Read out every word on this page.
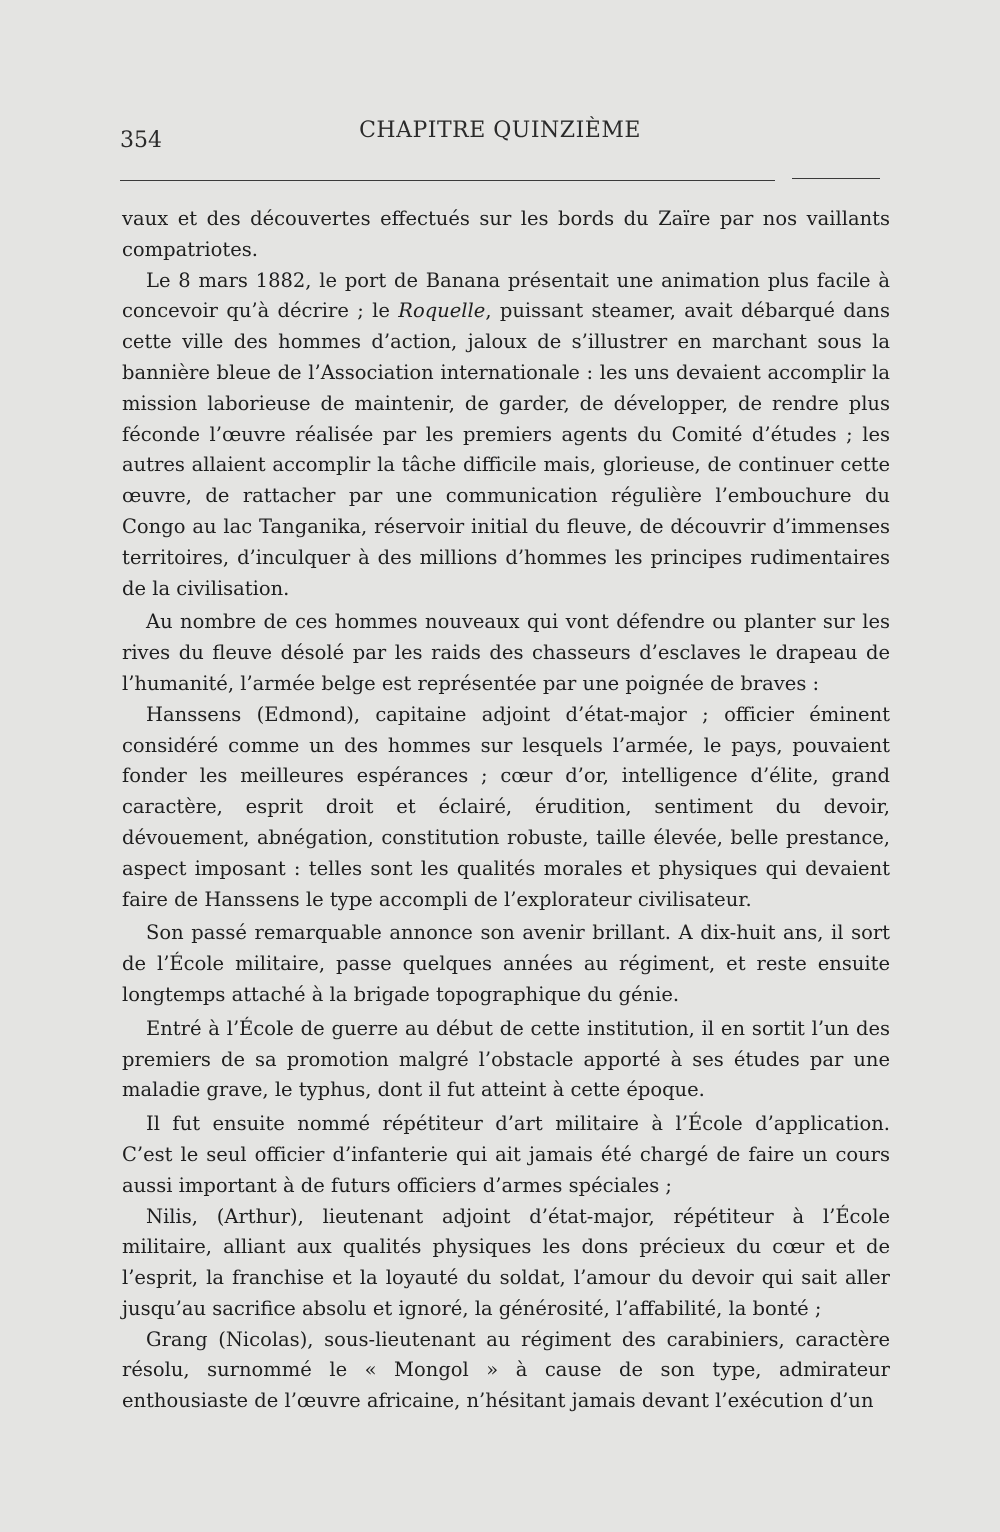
354	CHAPITRE QUINZIÈME

vaux et des découvertes effectués sur les bords du Zaïre par nos vaillants compatriotes.

Le 8 mars 1882, le port de Banana présentait une animation plus facile à concevoir qu’à décrire ; le Roquelle, puissant steamer, avait débarqué dans cette ville des hommes d’action, jaloux de s’illustrer en marchant sous la bannière bleue de l’Association internationale : les uns devaient accomplir la mission laborieuse de maintenir, de garder, de développer, de rendre plus féconde l’œuvre réalisée par les premiers agents du Comité d’études ; les autres allaient accomplir la tâche difficile mais, glorieuse, de continuer cette œuvre, de rattacher par une communication régulière l’embouchure du Congo au lac Tanganika, réservoir initial du fleuve, de découvrir d’immenses territoires, d’inculquer à des millions d’hommes les principes rudimentaires de la civilisation.

Au nombre de ces hommes nouveaux qui vont défendre ou planter sur les rives du fleuve désolé par les raids des chasseurs d’esclaves le drapeau de l’humanité, l’armée belge est représentée par une poignée de braves :

Hanssens (Edmond), capitaine adjoint d’état-major ; officier éminent considéré comme un des hommes sur lesquels l’armée, le pays, pouvaient fonder les meilleures espérances ; cœur d’or, intelligence d’élite, grand caractère, esprit droit et éclairé, érudition, sentiment du devoir, dévouement, abnégation, constitution robuste, taille élevée, belle prestance, aspect imposant : telles sont les qualités morales et physiques qui devaient faire de Hanssens le type accompli de l’explorateur civilisateur.

Son passé remarquable annonce son avenir brillant. A dix-huit ans, il sort de l’École militaire, passe quelques années au régiment, et reste ensuite longtemps attaché à la brigade topographique du génie.

Entré à l’École de guerre au début de cette institution, il en sortit l’un des premiers de sa promotion malgré l’obstacle apporté à ses études par une maladie grave, le typhus, dont il fut atteint à cette époque.

Il fut ensuite nommé répétiteur d’art militaire à l’École d’application. C’est le seul officier d’infanterie qui ait jamais été chargé de faire un cours aussi important à de futurs officiers d’armes spéciales ;

Nilis, (Arthur), lieutenant adjoint d’état-major, répétiteur à l’École militaire, alliant aux qualités physiques les dons précieux du cœur et de l’esprit, la franchise et la loyauté du soldat, l’amour du devoir qui sait aller jusqu’au sacrifice absolu et ignoré, la générosité, l’affabilité, la bonté ;

Grang (Nicolas), sous-lieutenant au régiment des carabiniers, caractère résolu, surnommé le « Mongol » à cause de son type, admirateur enthousiaste de l’œuvre africaine, n’hésitant jamais devant l’exécution d’un
